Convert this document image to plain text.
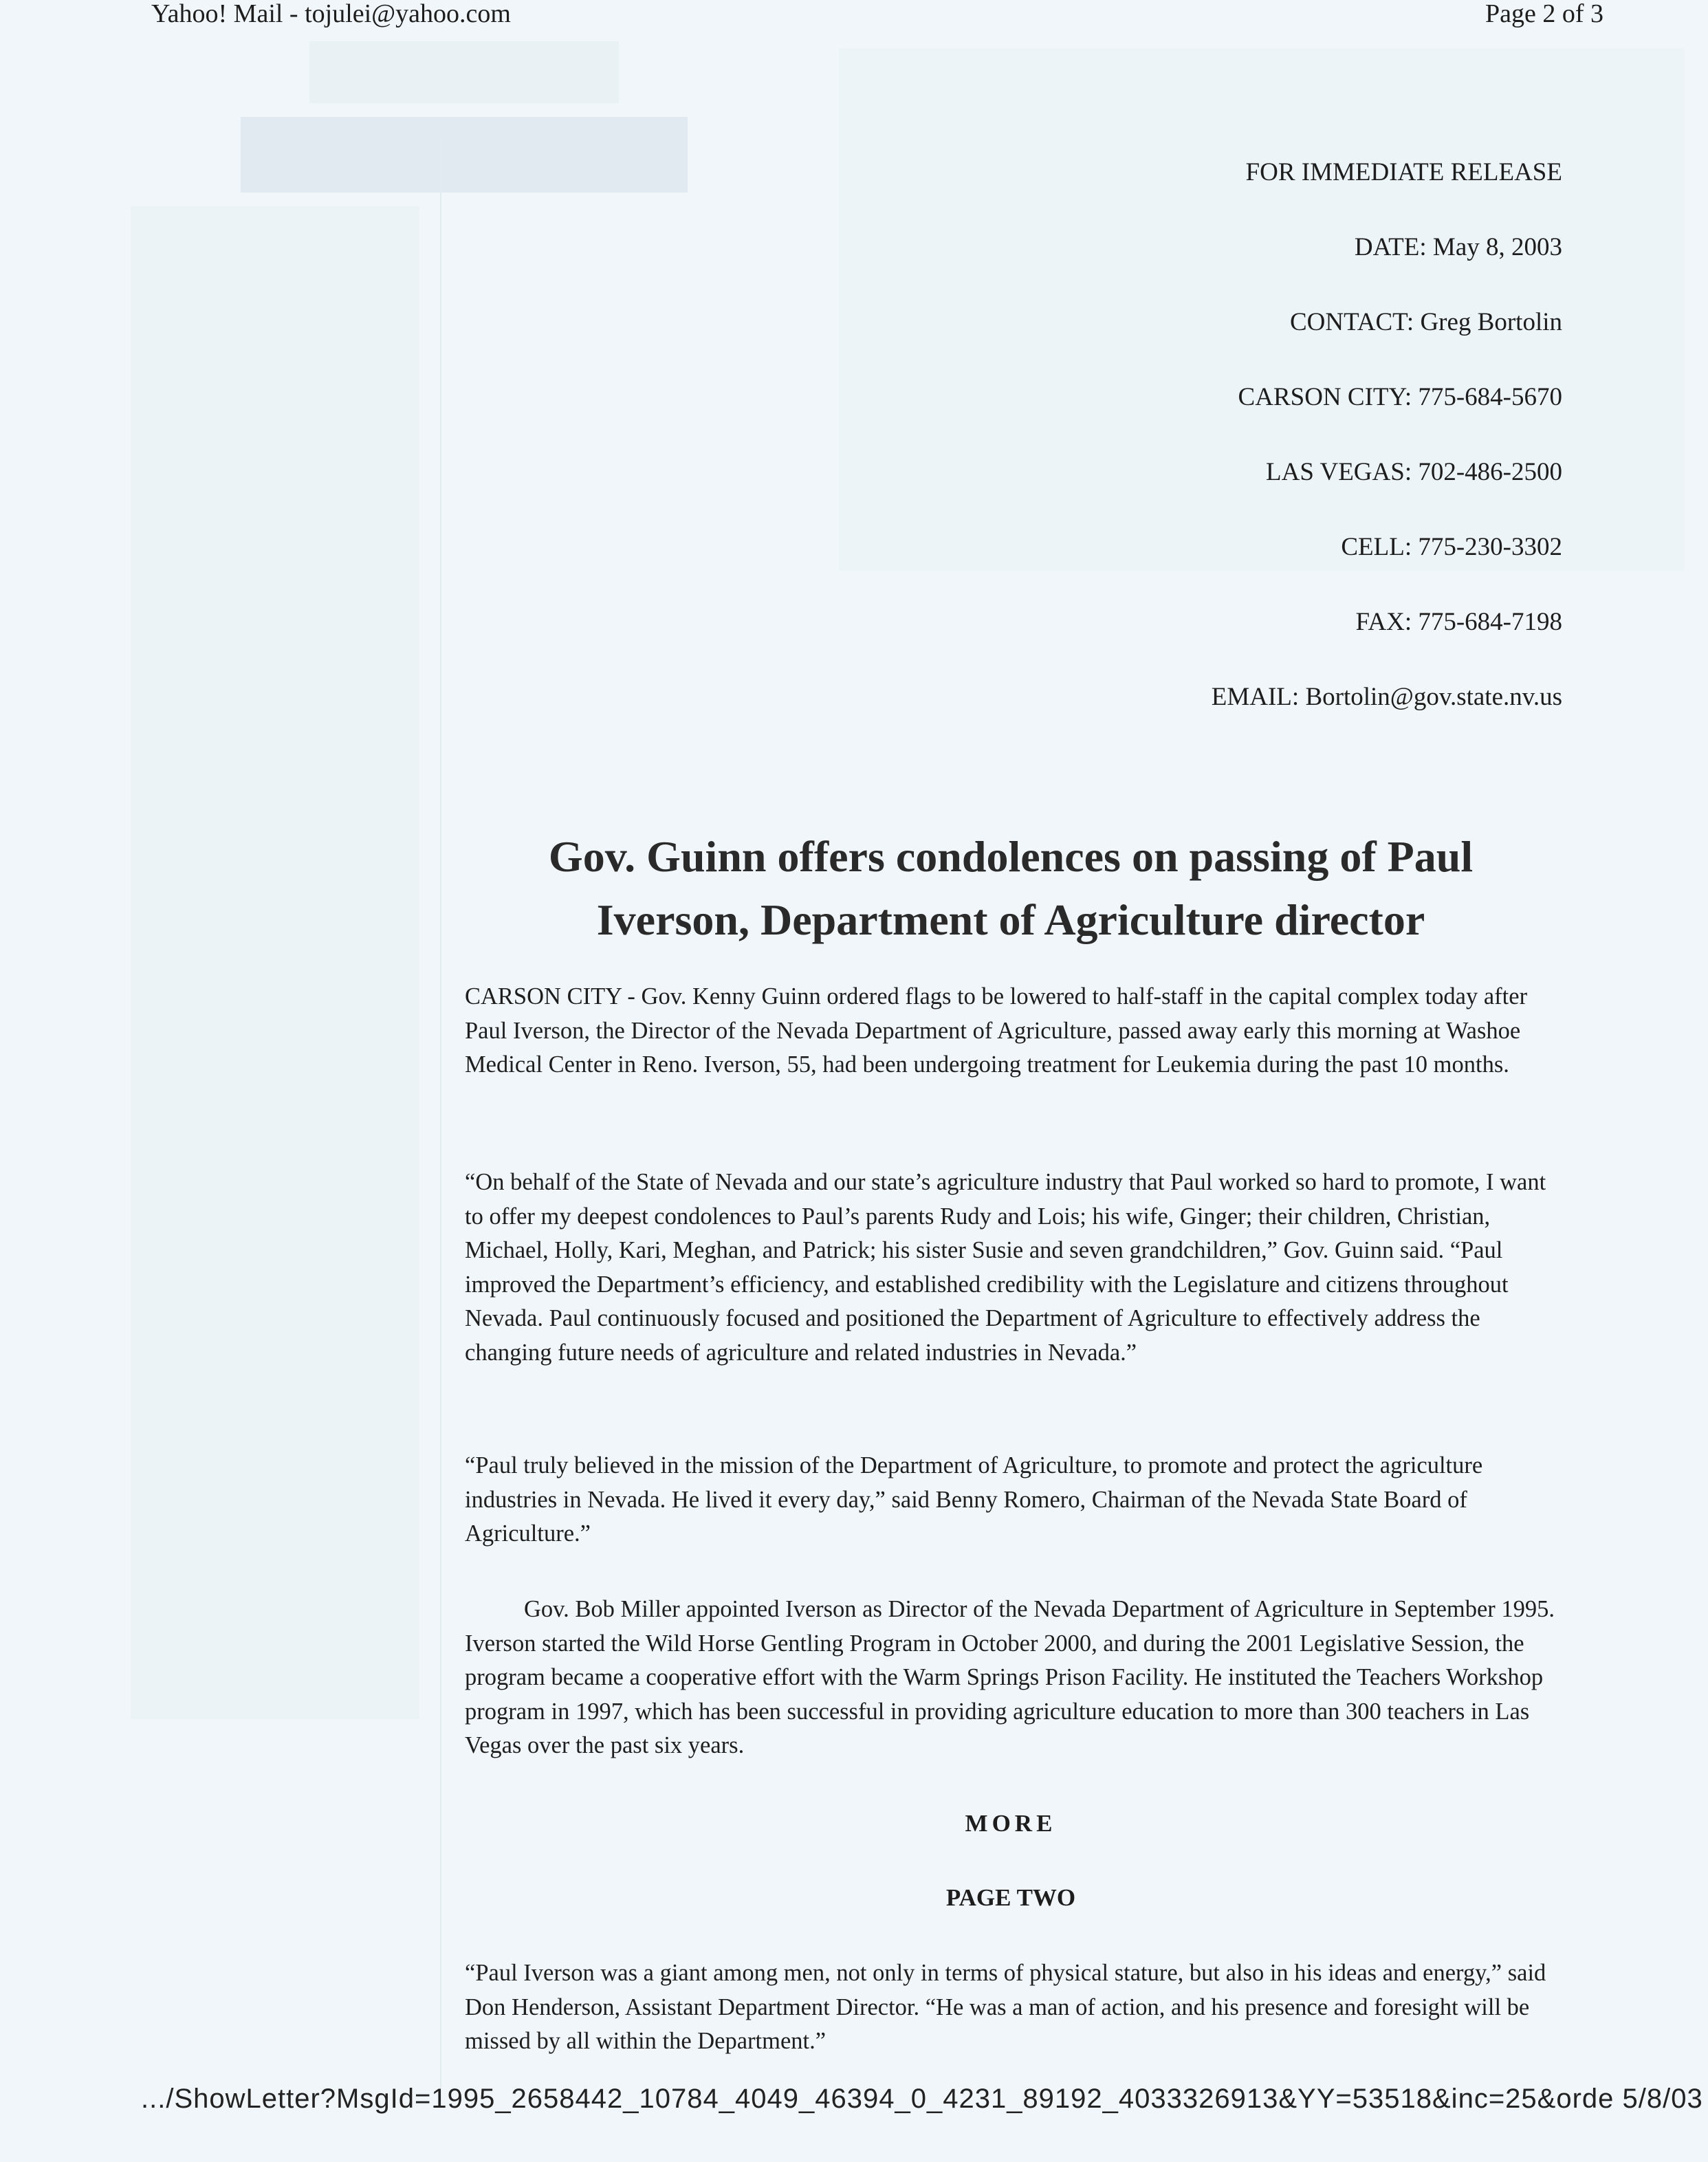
Yahoo! Mail - tojulei@yahoo.com	Page 2 of 3
FOR IMMEDIATE RELEASE
DATE: May 8, 2003
CONTACT: Greg Bortolin
CARSON CITY: 775-684-5670
LAS VEGAS: 702-486-2500
CELL: 775-230-3302
FAX: 775-684-7198
EMAIL: Bortolin@gov.state.nv.us
Gov. Guinn offers condolences on passing of Paul
Iverson, Department of Agriculture director

CARSON CITY - Gov. Kenny Guinn ordered flags to be lowered to half-staff in the capital complex today after Paul Iverson, the Director of the Nevada Department of Agriculture, passed away early this morning at Washoe Medical Center in Reno. Iverson, 55, had been undergoing treatment for Leukemia during the past 10 months.

“On behalf of the State of Nevada and our state’s agriculture industry that Paul worked so hard to promote, I want to offer my deepest condolences to Paul’s parents Rudy and Lois; his wife, Ginger; their children, Christian, Michael, Holly, Kari, Meghan, and Patrick; his sister Susie and seven grandchildren,” Gov. Guinn said. “Paul improved the Department’s efficiency, and established credibility with the Legislature and citizens throughout Nevada. Paul continuously focused and positioned the Department of Agriculture to effectively address the changing future needs of agriculture and related industries in Nevada.”

“Paul truly believed in the mission of the Department of Agriculture, to promote and protect the agriculture industries in Nevada. He lived it every day,” said Benny Romero, Chairman of the Nevada State Board of Agriculture.”

Gov. Bob Miller appointed Iverson as Director of the Nevada Department of Agriculture in September 1995. Iverson started the Wild Horse Gentling Program in October 2000, and during the 2001 Legislative Session, the program became a cooperative effort with the Warm Springs Prison Facility. He instituted the Teachers Workshop program in 1997, which has been successful in providing agriculture education to more than 300 teachers in Las Vegas over the past six years.

MORE
PAGE TWO

“Paul Iverson was a giant among men, not only in terms of physical stature, but also in his ideas and energy,” said Don Henderson, Assistant Department Director. “He was a man of action, and his presence and foresight will be missed by all within the Department.”

.../ShowLetter?MsgId=1995_2658442_10784_4049_46394_0_4231_89192_4033326913&YY=53518&inc=25&orde 5/8/03
